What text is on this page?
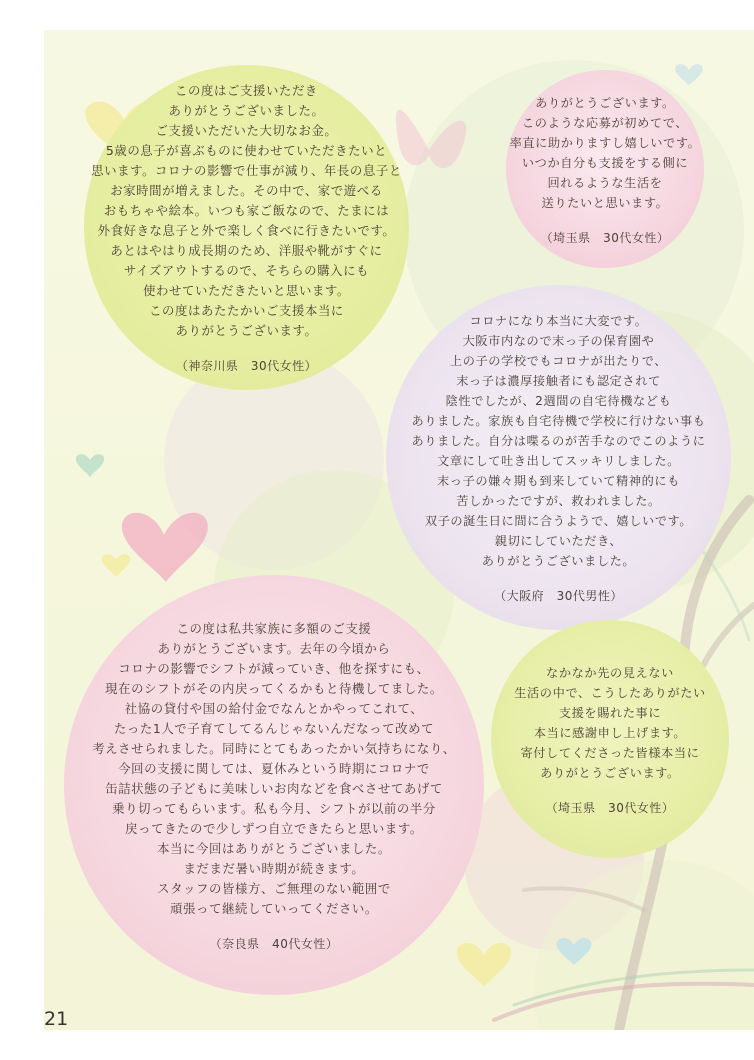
この度はご支援いただき
ありがとうございました。
ご支援いただいた大切なお金。
5歳の息子が喜ぶものに使わせていただきたいと
思います。コロナの影響で仕事が減り、年長の息子と
お家時間が増えました。その中で、家で遊べる
おもちゃや絵本。いつも家ご飯なので、たまには
外食好きな息子と外で楽しく食べに行きたいです。
あとはやはり成長期のため、洋服や靴がすぐに
サイズアウトするので、そちらの購入にも
使わせていただきたいと思います。
この度はあたたかいご支援本当に
ありがとうございます。

（神奈川県　30代女性）

ありがとうございます。
このような応募が初めてで、
率直に助かりますし嬉しいです。
いつか自分も支援をする側に
回れるような生活を
送りたいと思います。

（埼玉県　30代女性）

コロナになり本当に大変です。
大阪市内なので末っ子の保育園や
上の子の学校でもコロナが出たりで、
末っ子は濃厚接触者にも認定されて
陰性でしたが、2週間の自宅待機なども
ありました。家族も自宅待機で学校に行けない事も
ありました。自分は喋るのが苦手なのでこのように
文章にして吐き出してスッキリしました。
末っ子の嫌々期も到来していて精神的にも
苦しかったですが、救われました。
双子の誕生日に間に合うようで、嬉しいです。
親切にしていただき、
ありがとうございました。

（大阪府　30代男性）

この度は私共家族に多額のご支援
ありがとうございます。去年の今頃から
コロナの影響でシフトが減っていき、他を探すにも、
現在のシフトがその内戻ってくるかもと待機してました。
社協の貸付や国の給付金でなんとかやってこれて、
たった1人で子育てしてるんじゃないんだなって改めて
考えさせられました。同時にとてもあったかい気持ちになり、
今回の支援に関しては、夏休みという時期にコロナで
缶詰状態の子どもに美味しいお肉などを食べさせてあげて
乗り切ってもらいます。私も今月、シフトが以前の半分
戻ってきたので少しずつ自立できたらと思います。
本当に今回はありがとうございました。
まだまだ暑い時期が続きます。
スタッフの皆様方、ご無理のない範囲で
頑張って継続していってください。

（奈良県　40代女性）

なかなか先の見えない
生活の中で、こうしたありがたい
支援を賜れた事に
本当に感謝申し上げます。
寄付してくださった皆様本当に
ありがとうございます。

（埼玉県　30代女性）
21
